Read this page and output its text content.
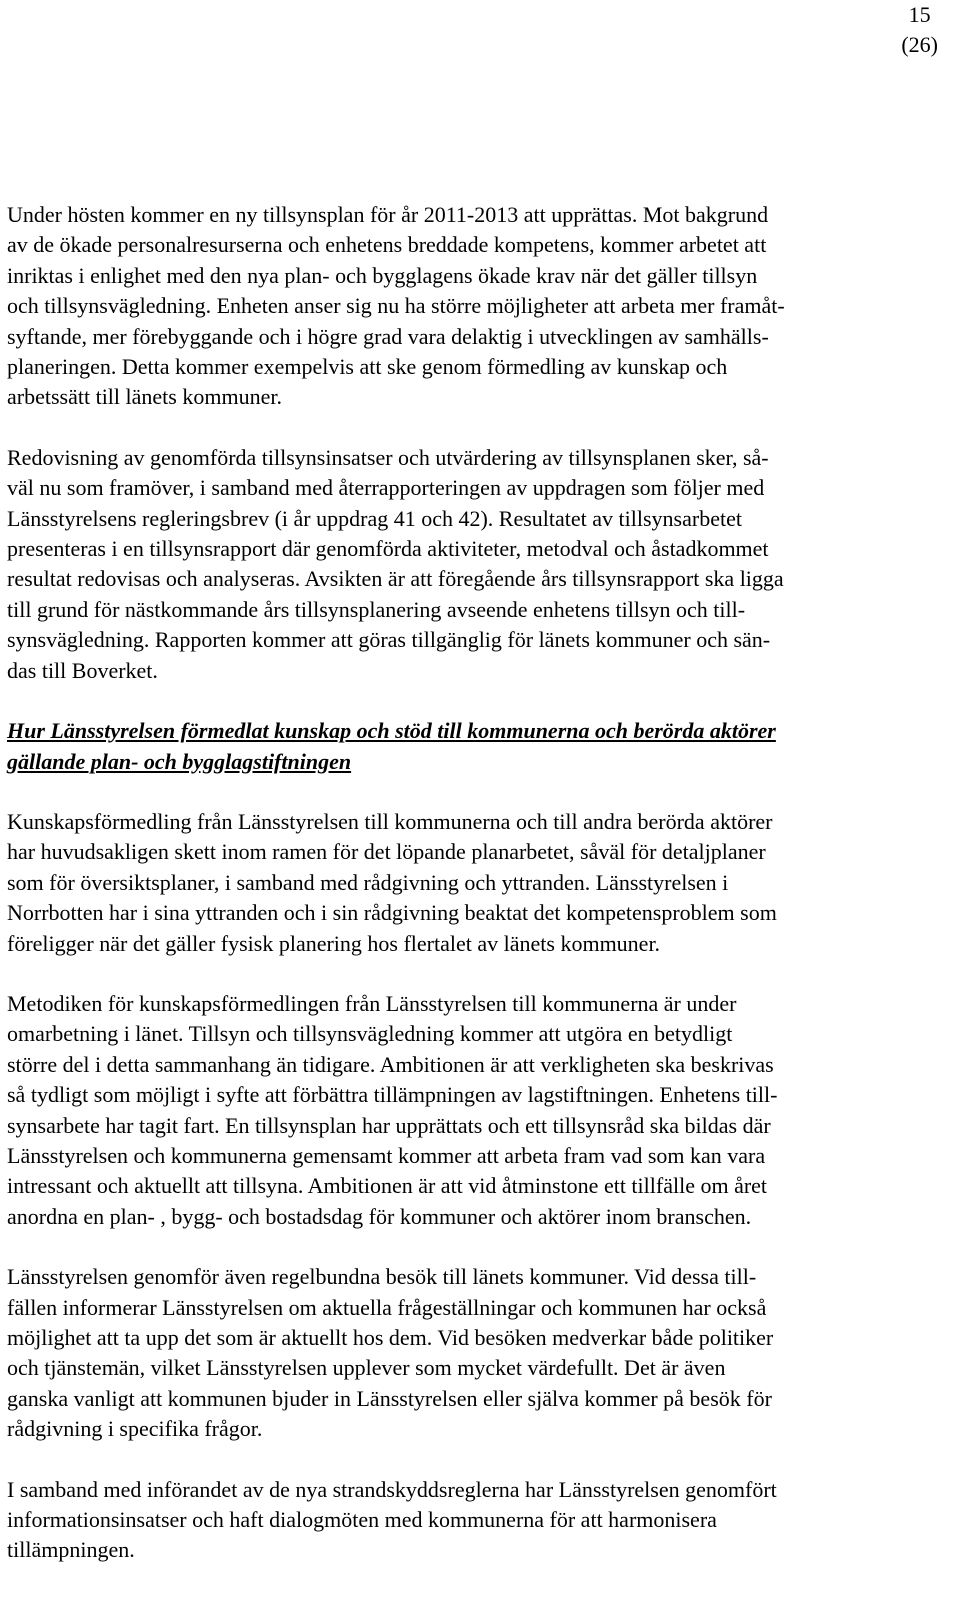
15
(26)

Under hösten kommer en ny tillsynsplan för år 2011-2013 att upprättas. Mot bakgrund
av de ökade personalresurserna och enhetens breddade kompetens, kommer arbetet att
inriktas i enlighet med den nya plan- och bygglagens ökade krav när det gäller tillsyn
och tillsynsvägledning. Enheten anser sig nu ha större möjligheter att arbeta mer framåt-
syftande, mer förebyggande och i högre grad vara delaktig i utvecklingen av samhälls-
planeringen. Detta kommer exempelvis att ske genom förmedling av kunskap och
arbetssätt till länets kommuner.

Redovisning av genomförda tillsynsinsatser och utvärdering av tillsynsplanen sker, så-
väl nu som framöver, i samband med återrapporteringen av uppdragen som följer med
Länsstyrelsens regleringsbrev (i år uppdrag 41 och 42). Resultatet av tillsynsarbetet
presenteras i en tillsynsrapport där genomförda aktiviteter, metodval och åstadkommet
resultat redovisas och analyseras. Avsikten är att föregående års tillsynsrapport ska ligga
till grund för nästkommande års tillsynsplanering avseende enhetens tillsyn och till-
synsvägledning. Rapporten kommer att göras tillgänglig för länets kommuner och sän-
das till Boverket.

Hur Länsstyrelsen förmedlat kunskap och stöd till kommunerna och berörda aktörer
gällande plan- och bygglagstiftningen

Kunskapsförmedling från Länsstyrelsen till kommunerna och till andra berörda aktörer
har huvudsakligen skett inom ramen för det löpande planarbetet, såväl för detaljplaner
som för översiktsplaner, i samband med rådgivning och yttranden. Länsstyrelsen i
Norrbotten har i sina yttranden och i sin rådgivning beaktat det kompetensproblem som
föreligger när det gäller fysisk planering hos flertalet av länets kommuner.

Metodiken för kunskapsförmedlingen från Länsstyrelsen till kommunerna är under
omarbetning i länet. Tillsyn och tillsynsvägledning kommer att utgöra en betydligt
större del i detta sammanhang än tidigare. Ambitionen är att verkligheten ska beskrivas
så tydligt som möjligt i syfte att förbättra tillämpningen av lagstiftningen. Enhetens till-
synsarbete har tagit fart. En tillsynsplan har upprättats och ett tillsynsråd ska bildas där
Länsstyrelsen och kommunerna gemensamt kommer att arbeta fram vad som kan vara
intressant och aktuellt att tillsyna. Ambitionen är att vid åtminstone ett tillfälle om året
anordna en plan- , bygg- och bostadsdag för kommuner och aktörer inom branschen.

Länsstyrelsen genomför även regelbundna besök till länets kommuner. Vid dessa till-
fällen informerar Länsstyrelsen om aktuella frågeställningar och kommunen har också
möjlighet att ta upp det som är aktuellt hos dem. Vid besöken medverkar både politiker
och tjänstemän, vilket Länsstyrelsen upplever som mycket värdefullt. Det är även
ganska vanligt att kommunen bjuder in Länsstyrelsen eller själva kommer på besök för
rådgivning i specifika frågor.

I samband med införandet av de nya strandskyddsreglerna har Länsstyrelsen genomfört
informationsinsatser och haft dialogmöten med kommunerna för att harmonisera
tillämpningen.
